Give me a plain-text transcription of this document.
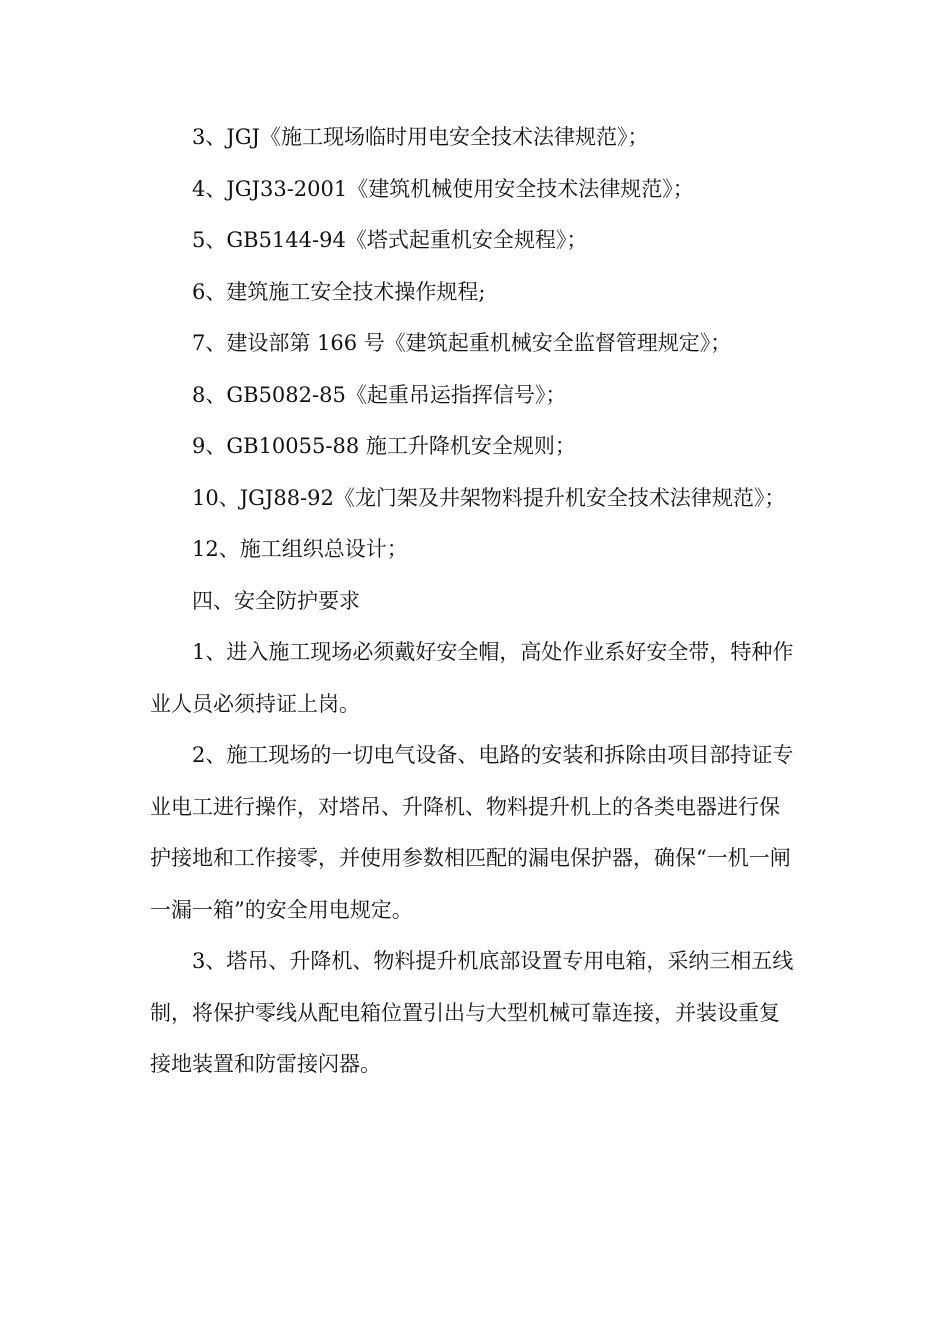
3、JGJ《施工现场临时用电安全技术法律规范》；

4、JGJ33-2001《建筑机械使用安全技术法律规范》；

5、GB5144-94《塔式起重机安全规程》；

6、建筑施工安全技术操作规程;

7、建设部第 166 号《建筑起重机械安全监督管理规定》；

8、GB5082-85《起重吊运指挥信号》；

9、GB10055-88 施工升降机安全规则；

10、JGJ88-92《龙门架及井架物料提升机安全技术法律规范》；

12、施工组织总设计；

四、安全防护要求

1、进入施工现场必须戴好安全帽，高处作业系好安全带，特种作业人员必须持证上岗。

2、施工现场的一切电气设备、电路的安装和拆除由项目部持证专业电工进行操作，对塔吊、升降机、物料提升机上的各类电器进行保护接地和工作接零，并使用参数相匹配的漏电保护器，确保“一机一闸一漏一箱”的安全用电规定。

3、塔吊、升降机、物料提升机底部设置专用电箱，采纳三相五线制，将保护零线从配电箱位置引出与大型机械可靠连接，并装设重复接地装置和防雷接闪器。
